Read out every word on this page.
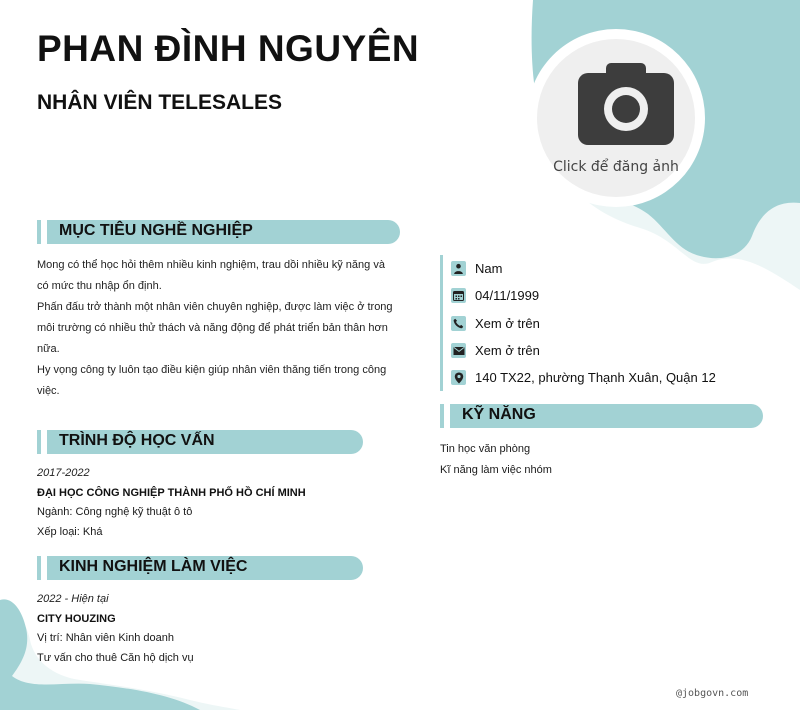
PHAN ĐÌNH NGUYÊN
NHÂN VIÊN TELESALES
Click để đăng ảnh
MỤC TIÊU NGHỀ NGHIỆP

Mong có thể học hỏi thêm nhiều kinh nghiệm, trau dồi nhiều kỹ năng và có mức thu nhập ổn định.

Phấn đấu trở thành một nhân viên chuyên nghiệp, được làm việc ở trong môi trường có nhiều thử thách và năng động để phát triển bản thân hơn nữa.

Hy vọng công ty luôn tạo điều kiện giúp nhân viên thăng tiến trong công việc.

TRÌNH ĐỘ HỌC VẤN
2017-2022
ĐẠI HỌC CÔNG NGHIỆP THÀNH PHỐ HỒ CHÍ MINH
Ngành: Công nghệ kỹ thuật ô tô
Xếp loại: Khá
KINH NGHIỆM LÀM VIỆC
2022 - Hiện tại
CITY HOUZING
Vị trí: Nhân viên Kinh doanh
Tư vấn cho thuê Căn hộ dịch vụ
Nam
04/11/1999
Xem ở trên
Xem ở trên
140 TX22, phường Thạnh Xuân, Quận 12
KỸ NĂNG
Tin học văn phòng
Kĩ năng làm việc nhóm
@jobgovn.com
